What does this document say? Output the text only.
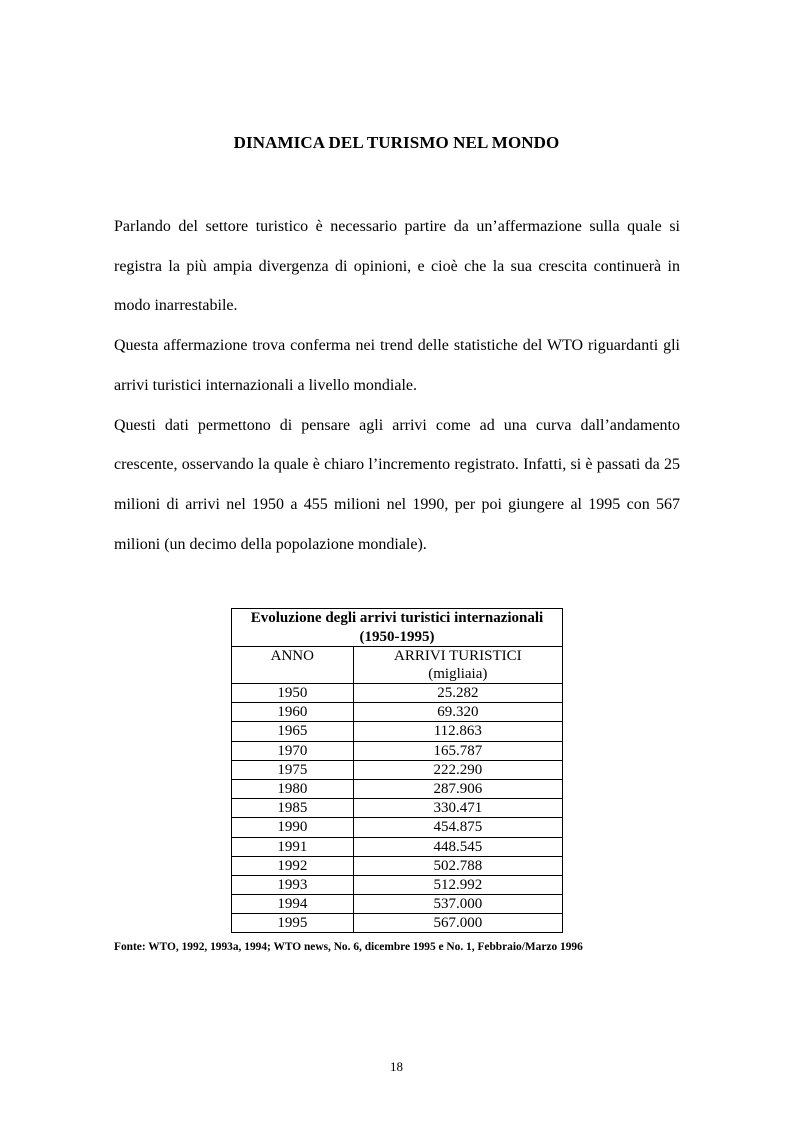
DINAMICA DEL TURISMO NEL MONDO

Parlando del settore turistico è necessario partire da un’affermazione sulla quale si registra la più ampia divergenza di opinioni, e cioè che la sua crescita continuerà in modo inarrestabile.

Questa affermazione trova conferma nei trend delle statistiche del WTO riguardanti gli arrivi turistici internazionali a livello mondiale.

Questi dati permettono di pensare agli arrivi come ad una curva dall’andamento crescente, osservando la quale è chiaro l’incremento registrato. Infatti, si è passati da 25 milioni di arrivi nel 1950 a 455 milioni nel 1990, per poi giungere al 1995 con 567 milioni (un decimo della popolazione mondiale).

Evoluzione degli arrivi turistici internazionali
(1950-1995)	
ANNO	ARRIVI TURISTICI
(migliaia)
1950	25.282
1960	69.320
1965	112.863
1970	165.787
1975	222.290
1980	287.906
1985	330.471
1990	454.875
1991	448.545
1992	502.788
1993	512.992
1994	537.000
1995	567.000

Fonte: WTO, 1992, 1993a, 1994; WTO news, No. 6, dicembre 1995 e No. 1, Febbraio/Marzo 1996

18
